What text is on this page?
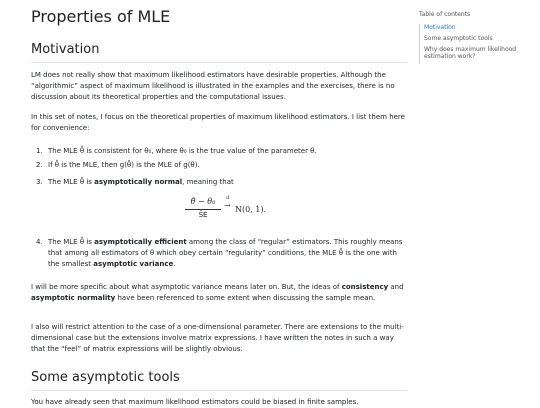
Properties of MLE
Motivation

LM does not really show that maximum likelihood estimators have desirable properties. Although the “algorithmic” aspect of maximum likelihood is illustrated in the examples and the exercises, there is no discussion about its theoretical properties and the computational issues.

In this set of notes, I focus on the theoretical properties of maximum likelihood estimators. I list them here for convenience:

1. The MLE θ̂ is consistent for θ₀, where θ₀ is the true value of the parameter θ.
2. If θ̂ is the MLE, then g(θ̂) is the MLE of g(θ).
3. The MLE θ̂ is asymptotically normal, meaning that
θ̂ − θ₀
ŜE
d
→ N(0, 1).
4. The MLE θ̂ is asymptotically efficient among the class of “regular” estimators. This roughly means that among all estimators of θ which obey certain “regularity” conditions, the MLE θ̂ is the one with the smallest asymptotic variance.

I will be more specific about what asymptotic variance means later on. But, the ideas of consistency and asymptotic normality have been referenced to some extent when discussing the sample mean.

I also will restrict attention to the case of a one-dimensional parameter. There are extensions to the multi-dimensional case but the extensions involve matrix expressions. I have written the notes in such a way that the “feel” of matrix expressions will be slightly obvious.

Some asymptotic tools

You have already seen that maximum likelihood estimators could be biased in finite samples.

Table of contents
Motivation
Some asymptotic tools
Why does maximum likelihood estimation work?
